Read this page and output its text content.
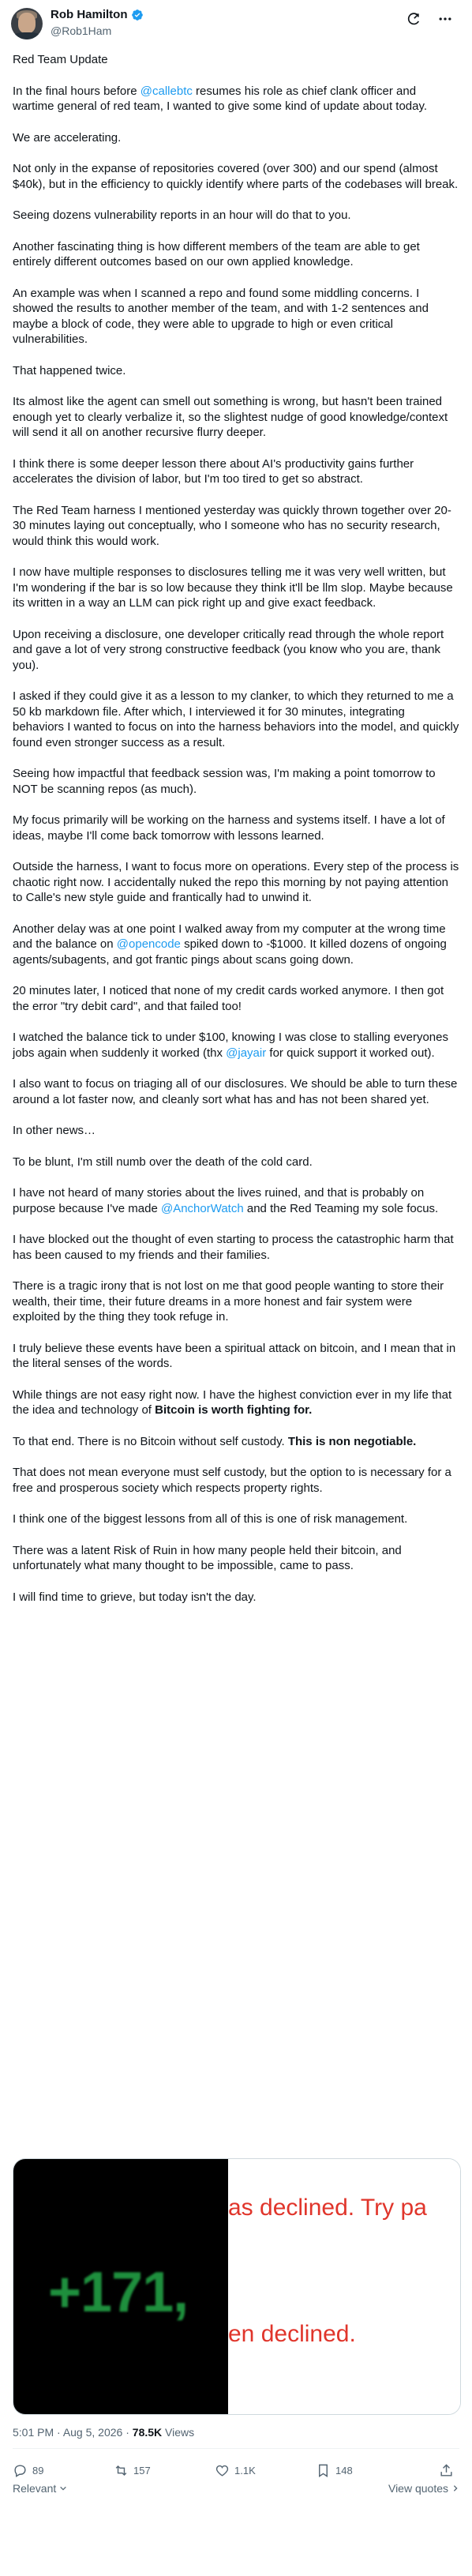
Rob Hamilton
@Rob1Ham

Red Team Update

In the final hours before @callebtc resumes his role as chief clank officer and wartime general of red team, I wanted to give some kind of update about today.

We are accelerating.

Not only in the expanse of repositories covered (over 300) and our spend (almost $40k), but in the efficiency to quickly identify where parts of the codebases will break.

Seeing dozens vulnerability reports in an hour will do that to you.

Another fascinating thing is how different members of the team are able to get entirely different outcomes based on our own applied knowledge.

An example was when I scanned a repo and found some middling concerns. I showed the results to another member of the team, and with 1-2 sentences and maybe a block of code, they were able to upgrade to high or even critical vulnerabilities.

That happened twice.

Its almost like the agent can smell out something is wrong, but hasn't been trained enough yet to clearly verbalize it, so the slightest nudge of good knowledge/context will send it all on another recursive flurry deeper.

I think there is some deeper lesson there about AI's productivity gains further accelerates the division of labor, but I'm too tired to get so abstract.

The Red Team harness I mentioned yesterday was quickly thrown together over 20-30 minutes laying out conceptually, who I someone who has no security research, would think this would work.

I now have multiple responses to disclosures telling me it was very well written, but I'm wondering if the bar is so low because they think it'll be llm slop. Maybe because its written in a way an LLM can pick right up and give exact feedback.

Upon receiving a disclosure, one developer critically read through the whole report and gave a lot of very strong constructive feedback (you know who you are, thank you).

I asked if they could give it as a lesson to my clanker, to which they returned to me a 50 kb markdown file. After which, I interviewed it for 30 minutes, integrating behaviors I wanted to focus on into the harness behaviors into the model, and quickly found even stronger success as a result.

Seeing how impactful that feedback session was, I'm making a point tomorrow to NOT be scanning repos (as much).

My focus primarily will be working on the harness and systems itself. I have a lot of ideas, maybe I'll come back tomorrow with lessons learned.

Outside the harness, I want to focus more on operations. Every step of the process is chaotic right now. I accidentally nuked the repo this morning by not paying attention to Calle's new style guide and frantically had to unwind it.

Another delay was at one point I walked away from my computer at the wrong time and the balance on @opencode spiked down to -$1000. It killed dozens of ongoing agents/subagents, and got frantic pings about scans going down.

20 minutes later, I noticed that none of my credit cards worked anymore. I then got the error "try debit card", and that failed too!

I watched the balance tick to under $100, knowing I was close to stalling everyones jobs again when suddenly it worked (thx @jayair for quick support it worked out).

I also want to focus on triaging all of our disclosures. We should be able to turn these around a lot faster now, and cleanly sort what has and has not been shared yet.

In other news…

To be blunt, I'm still numb over the death of the cold card.

I have not heard of many stories about the lives ruined, and that is probably on purpose because I've made @AnchorWatch and the Red Teaming my sole focus.

I have blocked out the thought of even starting to process the catastrophic harm that has been caused to my friends and their families.

There is a tragic irony that is not lost on me that good people wanting to store their wealth, their time, their future dreams in a more honest and fair system were exploited by the thing they took refuge in.

I truly believe these events have been a spiritual attack on bitcoin, and I mean that in the literal senses of the words.

While things are not easy right now. I have the highest conviction ever in my life that the idea and technology of Bitcoin is worth fighting for.

To that end. There is no Bitcoin without self custody. This is non negotiable.

That does not mean everyone must self custody, but the option to is necessary for a free and prosperous society which respects property rights.

I think one of the biggest lessons from all of this is one of risk management.

There was a latent Risk of Ruin in how many people held their bitcoin, and unfortunately what many thought to be impossible, came to pass.

I will find time to grieve, but today isn't the day.

+171,
as declined. Try pa
en declined.
5:01 PM · Aug 5, 2026 · 78.5K Views
89	157	1.1K	148
Relevant	View quotes
